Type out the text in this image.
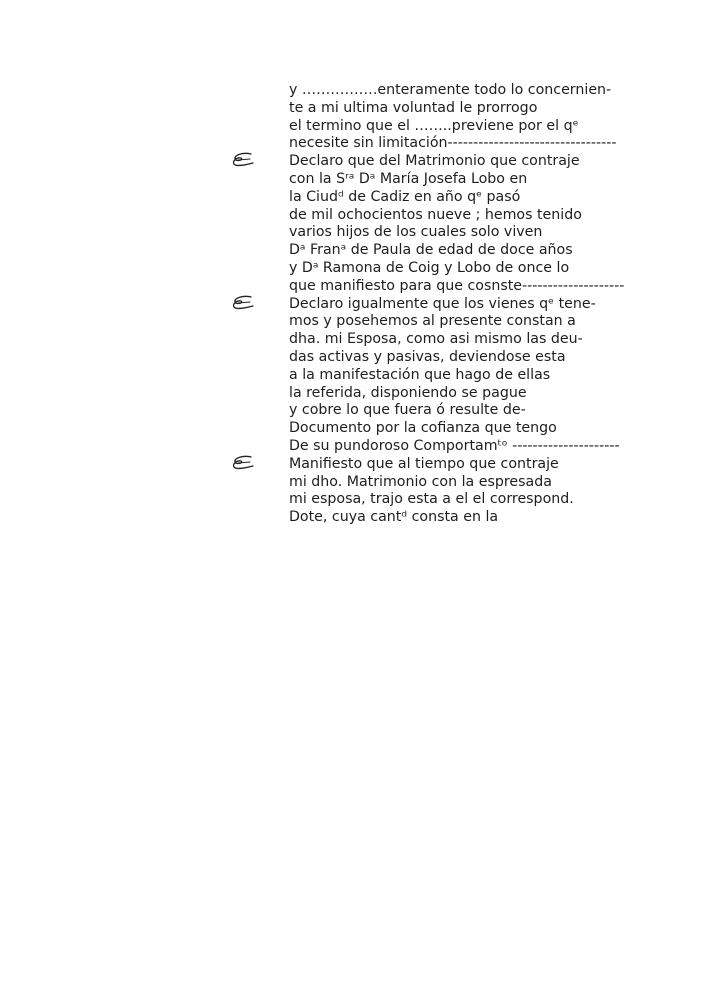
y …………….enteramente todo lo concernien-
te a mi ultima voluntad le prorrogo
el termino que el ……..previene por el qᵉ
necesite sin limitación---------------------------------
Declaro que del Matrimonio que contraje
con la Sʳᵃ Dᵃ María Josefa Lobo en
la Ciudᵈ de Cadiz en año qᵉ pasó
de mil ochocientos nueve ; hemos tenido
varios hijos de los cuales solo viven
Dᵃ Franᵃ de Paula de edad de doce años
y Dᵃ Ramona de Coig y Lobo de once lo
que manifiesto para que cosnste--------------------
Declaro igualmente que los vienes qᵉ tene-
mos y posehemos al presente constan a
dha. mi Esposa, como asi mismo las deu-
das activas y pasivas, deviendose esta
a la manifestación que hago de ellas
la referida, disponiendo se pague
y cobre lo que fuera ó resulte de-
Documento por la cofianza que tengo
De su pundoroso Comportamᵗᵒ ---------------------
Manifiesto que al tiempo que contraje
mi dho. Matrimonio con la espresada
mi esposa, trajo esta a el el correspond.
Dote, cuya cantᵈ consta en la
